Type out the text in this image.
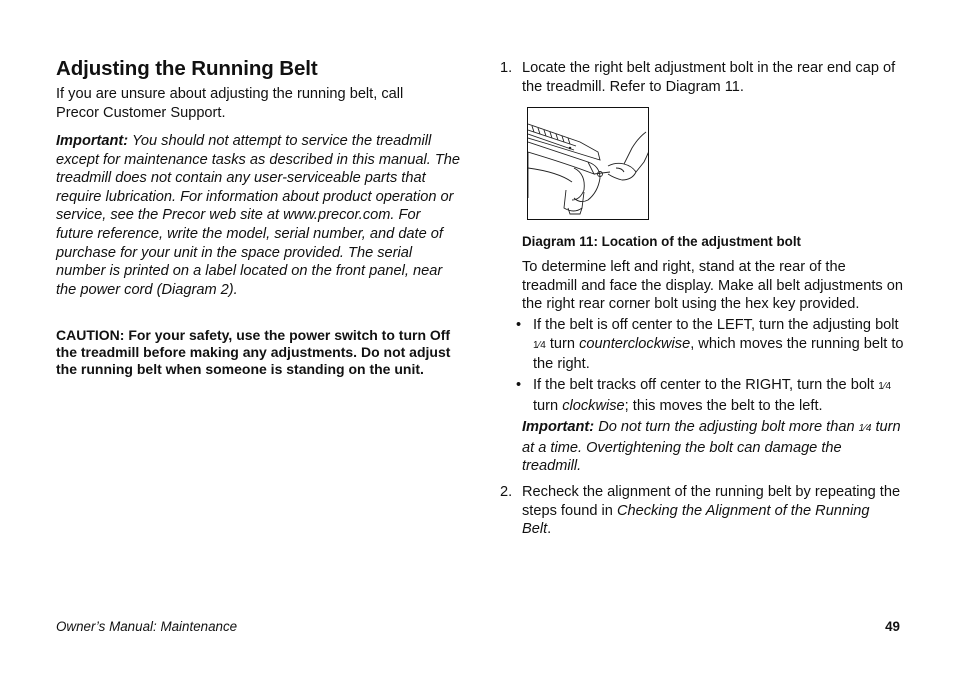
Adjusting the Running Belt

If you are unsure about adjusting the running belt, call Precor Customer Support.

Important: You should not attempt to service the treadmill except for maintenance tasks as described in this manual. The treadmill does not contain any user-serviceable parts that require lubrication. For information about product operation or service, see the Precor web site at www.precor.com. For future reference, write the model, serial number, and date of purchase for your unit in the space provided. The serial number is printed on a label located on the front panel, near the power cord (Diagram 2).

CAUTION: For your safety, use the power switch to turn Off the treadmill before making any adjustments. Do not adjust the running belt when someone is standing on the unit.

1. Locate the right belt adjustment bolt in the rear end cap of the treadmill. Refer to Diagram 11.

Diagram 11: Location of the adjustment bolt

To determine left and right, stand at the rear of the treadmill and face the display. Make all belt adjustments on the right rear corner bolt using the hex key provided.

• If the belt is off center to the LEFT, turn the adjusting bolt 1⁄4 turn counterclockwise, which moves the running belt to the right.

• If the belt tracks off center to the RIGHT, turn the bolt 1⁄4 turn clockwise; this moves the belt to the left.

Important: Do not turn the adjusting bolt more than 1⁄4 turn at a time. Overtightening the bolt can damage the treadmill.

2. Recheck the alignment of the running belt by repeating the steps found in Checking the Alignment of the Running Belt.

Owner’s Manual: Maintenance	49
